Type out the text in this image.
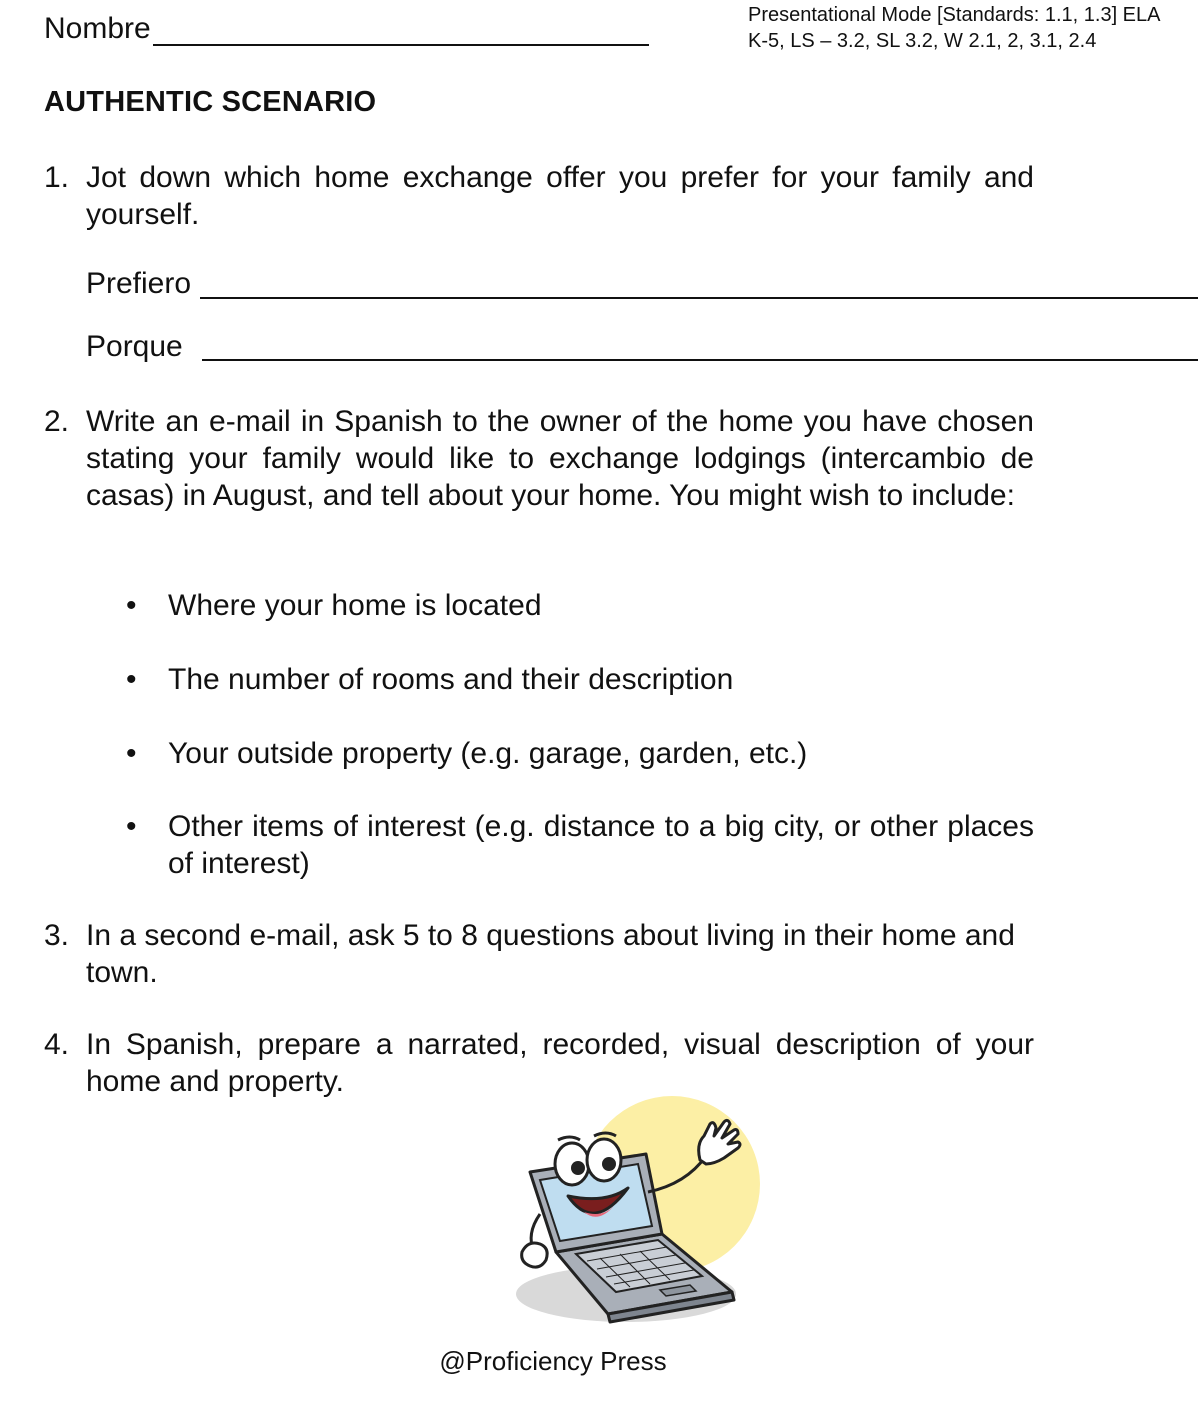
Nombre	Presentational Mode [Standards: 1.1, 1.3] ELA K-5, LS – 3.2, SL 3.2, W 2.1, 2, 3.1, 2.4
AUTHENTIC SCENARIO
1. Jot down which home exchange offer you prefer for your family and yourself.
Prefiero
Porque
2. Write an e-mail in Spanish to the owner of the home you have chosen stating your family would like to exchange lodgings (intercambio de casas) in August, and tell about your home. You might wish to include:
• Where your home is located
• The number of rooms and their description
• Your outside property (e.g. garage, garden, etc.)
• Other items of interest (e.g. distance to a big city, or other places of interest)
3. In a second e-mail, ask 5 to 8 questions about living in their home and town.
4. In Spanish, prepare a narrated, recorded, visual description of your home and property.
@Proficiency Press
